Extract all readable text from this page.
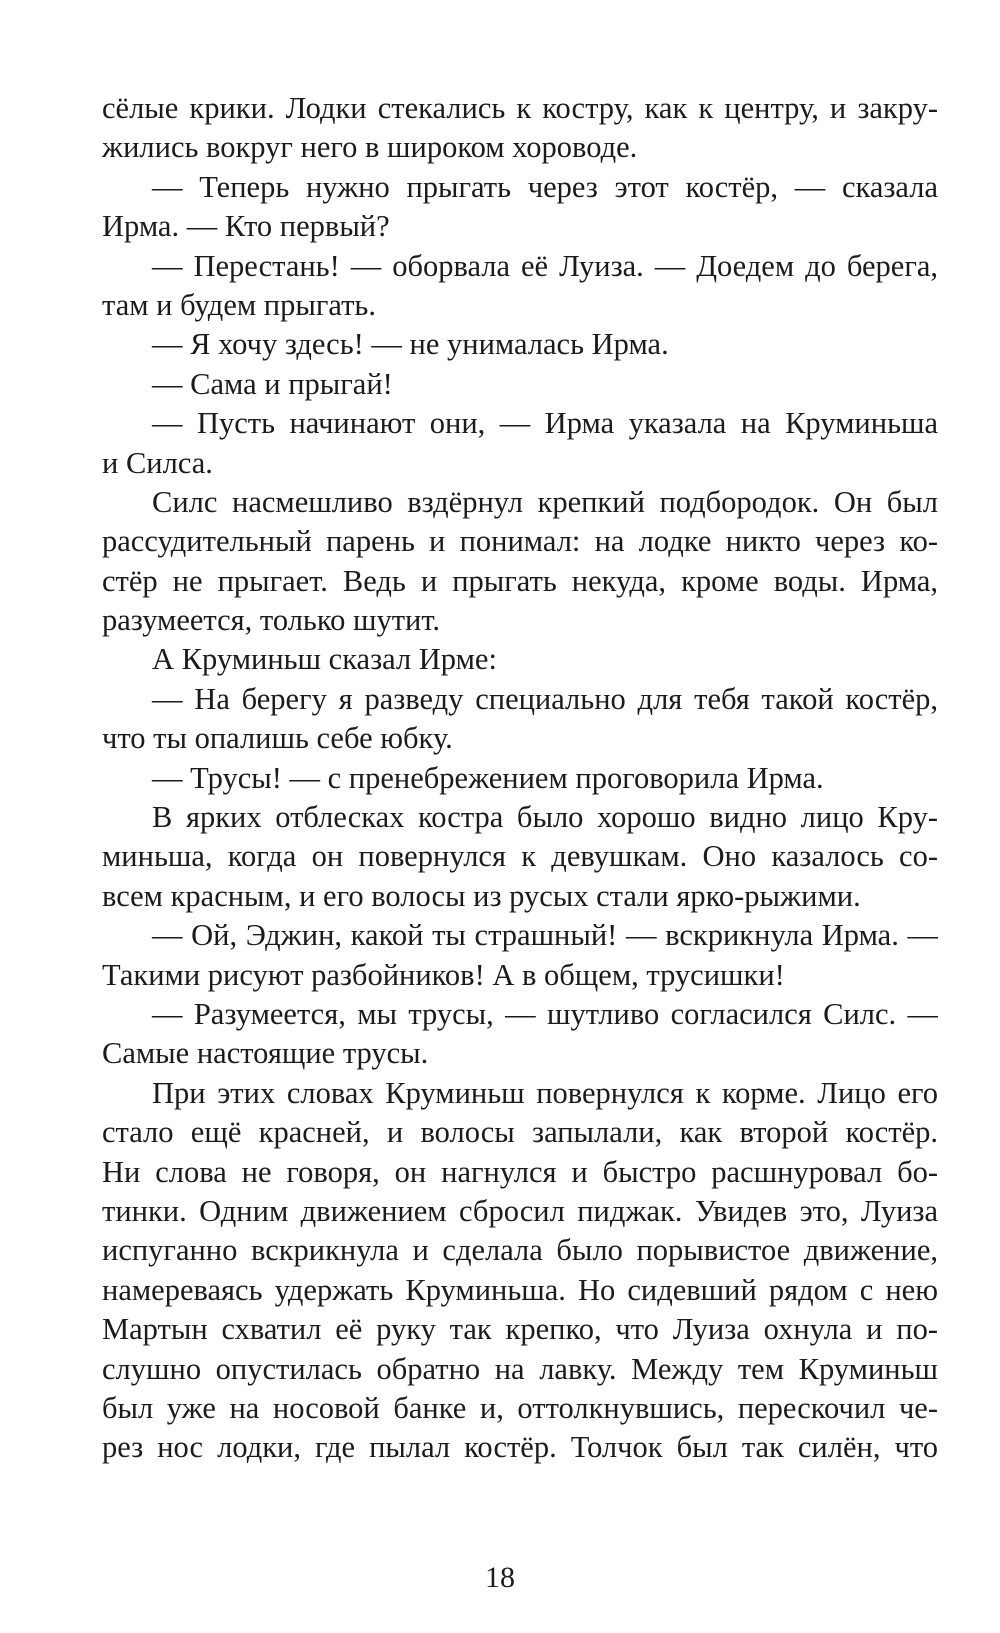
сёлые крики. Лодки стекались к костру, как к центру, и закру-
жились вокруг него в широком хороводе.
— Теперь нужно прыгать через этот костёр, — сказала
Ирма. — Кто первый?
— Перестань! — оборвала её Луиза. — Доедем до берега,
там и будем прыгать.
— Я хочу здесь! — не унималась Ирма.
— Сама и прыгай!
— Пусть начинают они, — Ирма указала на Круминьша
и Силса.
Силс насмешливо вздёрнул крепкий подбородок. Он был
рассудительный парень и понимал: на лодке никто через ко-
стёр не прыгает. Ведь и прыгать некуда, кроме воды. Ирма,
разумеется, только шутит.
А Круминьш сказал Ирме:
— На берегу я разведу специально для тебя такой костёр,
что ты опалишь себе юбку.
— Трусы! — с пренебрежением проговорила Ирма.
В ярких отблесках костра было хорошо видно лицо Кру-
миньша, когда он повернулся к девушкам. Оно казалось со-
всем красным, и его волосы из русых стали ярко-рыжими.
— Ой, Эджин, какой ты страшный! — вскрикнула Ирма. —
Такими рисуют разбойников! А в общем, трусишки!
— Разумеется, мы трусы, — шутливо согласился Силс. —
Самые настоящие трусы.
При этих словах Круминьш повернулся к корме. Лицо его
стало ещё красней, и волосы запылали, как второй костёр.
Ни слова не говоря, он нагнулся и быстро расшнуровал бо-
тинки. Одним движением сбросил пиджак. Увидев это, Луиза
испуганно вскрикнула и сделала было порывистое движение,
намереваясь удержать Круминьша. Но сидевший рядом с нею
Мартын схватил её руку так крепко, что Луиза охнула и по-
слушно опустилась обратно на лавку. Между тем Круминьш
был уже на носовой банке и, оттолкнувшись, перескочил че-
рез нос лодки, где пылал костёр. Толчок был так силён, что
18
